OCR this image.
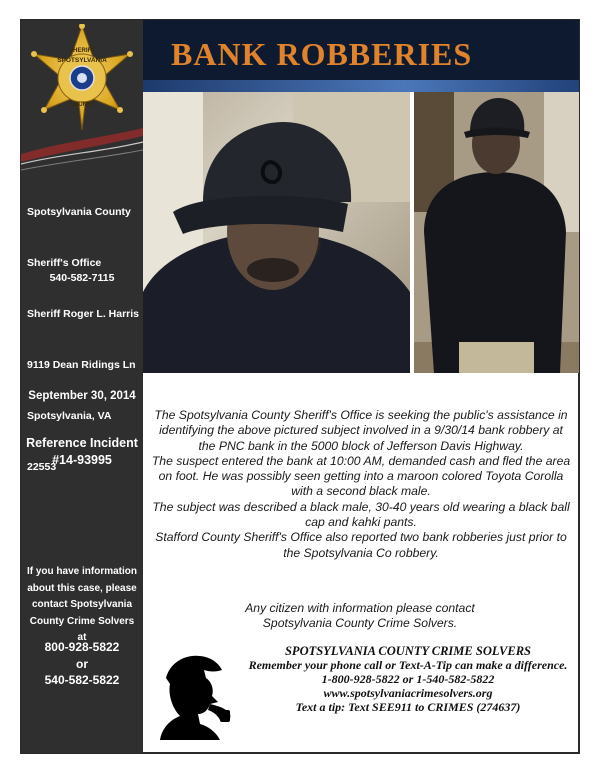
SHERIFF
SPOTSYLVANIA
COUNTY

Spotsylvania County

Sheriff's Office

Sheriff Roger L. Harris

9119 Dean Ridings Ln

Spotsylvania, VA

22553

540-582-7115
September 30, 2014
Reference Incident
#14-93995
If you have information
about this case, please
contact Spotsylvania
County Crime Solvers
at
800-928-5822
or
540-582-5822
BANK ROBBERIES
The Spotsylvania County Sheriff's Office is seeking the public's assistance in identifying the above pictured subject involved in a 9/30/14 bank robbery at the PNC bank in the 5000 block of Jefferson Davis Highway.
The suspect entered the bank at 10:00 AM, demanded cash and fled the area on foot. He was possibly seen getting into a maroon colored Toyota Corolla with a second black male.
The subject was described a black male, 30-40 years old wearing a black ball cap and kahki pants.
Stafford County Sheriff's Office also reported two bank robberies just prior to the Spotsylvania Co robbery.
Any citizen with information please contact Spotsylvania County Crime Solvers.
SPOTSYLVANIA COUNTY CRIME SOLVERS
Remember your phone call or Text-A-Tip can make a difference.
1-800-928-5822 or 1-540-582-5822
www.spotsylvaniacrimesolvers.org
Text a tip: Text SEE911 to CRIMES (274637)
